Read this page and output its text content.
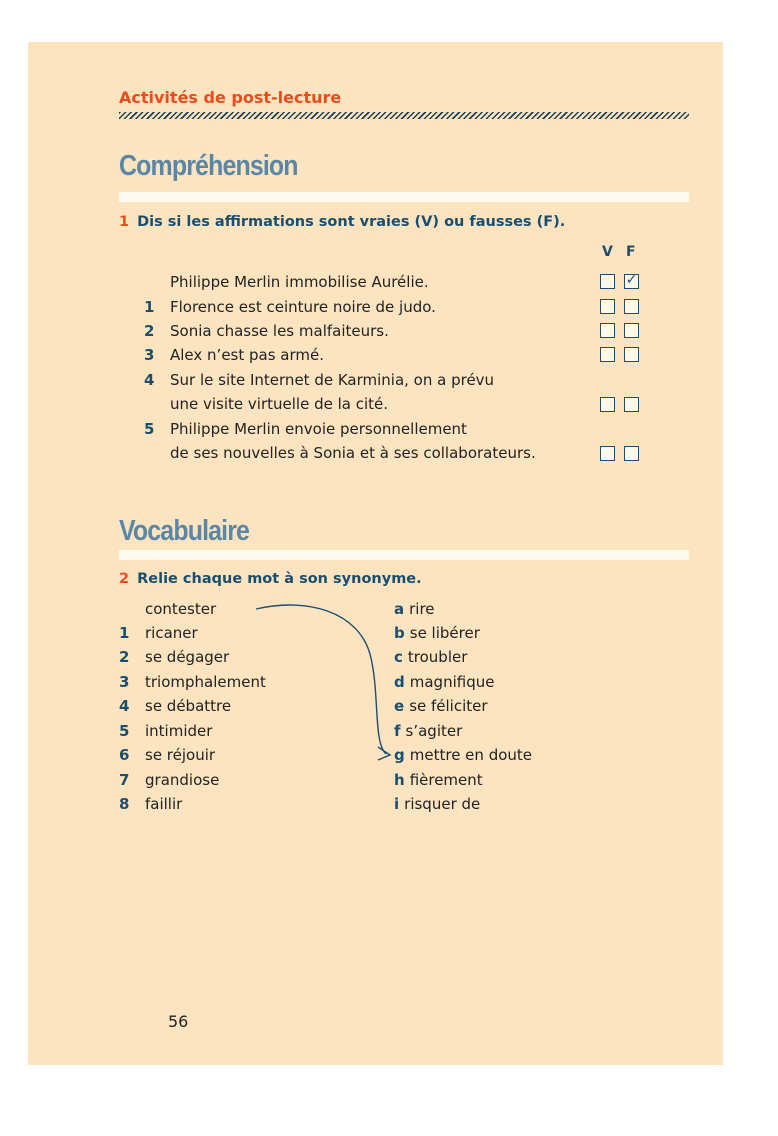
Activités de post-lecture
Compréhension
1 Dis si les affirmations sont vraies (V) ou fausses (F).
V F
Philippe Merlin immobilise Aurélie.	✓
1 Florence est ceinture noire de judo.
2 Sonia chasse les malfaiteurs.
3 Alex n’est pas armé.
4 Sur le site Internet de Karminia, on a prévu
une visite virtuelle de la cité.
5 Philippe Merlin envoie personnellement
de ses nouvelles à Sonia et à ses collaborateurs.
Vocabulaire
2 Relie chaque mot à son synonyme.
contester
1 ricaner
2 se dégager
3 triomphalement
4 se débattre
5 intimider
6 se réjouir
7 grandiose
8 faillir
a rire
b se libérer
c troubler
d magnifique
e se féliciter
f s’agiter
g mettre en doute
h fièrement
i risquer de
56
